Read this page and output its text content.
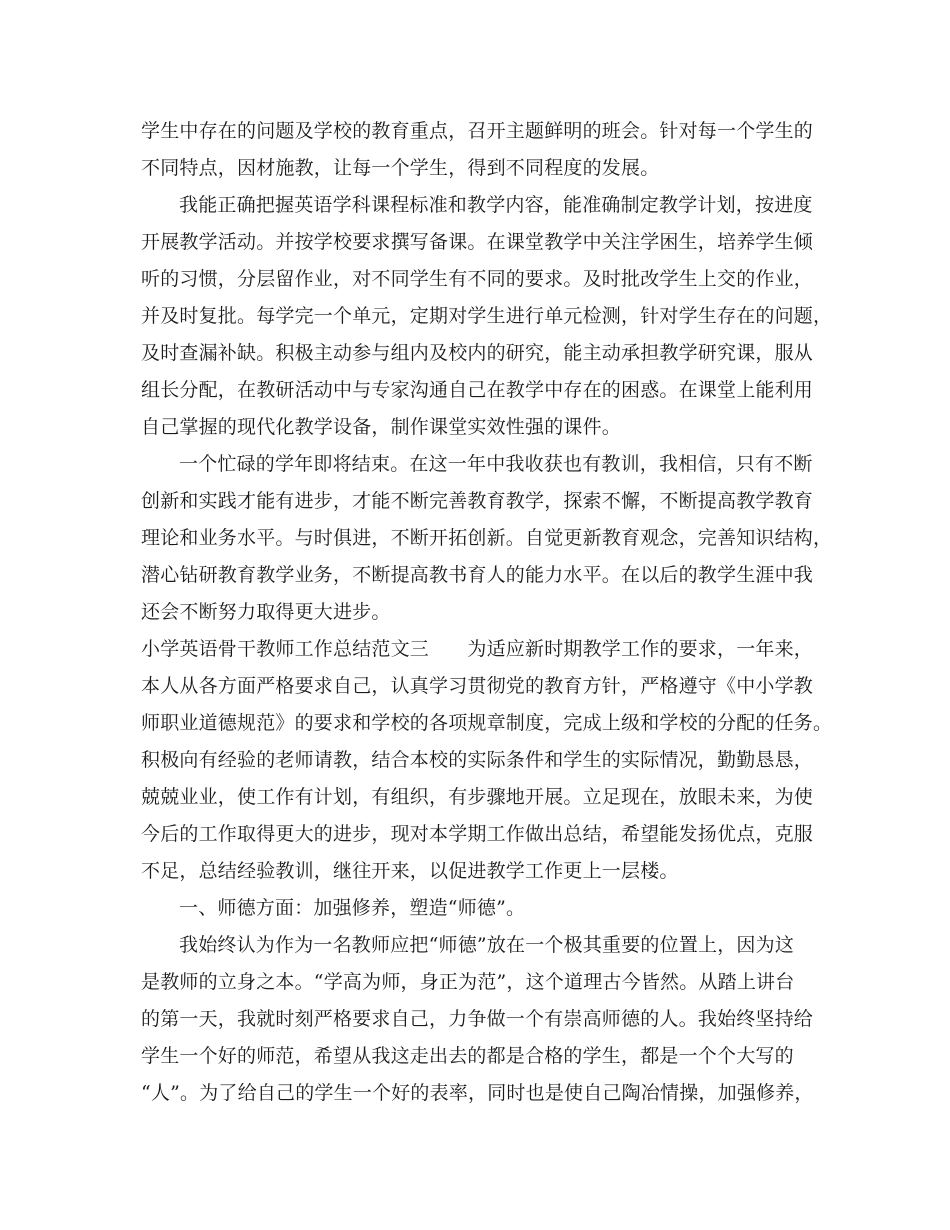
学生中存在的问题及学校的教育重点，召开主题鲜明的班会。针对每一个学生的
不同特点，因材施教，让每一个学生，得到不同程度的发展。
我能正确把握英语学科课程标准和教学内容，能准确制定教学计划，按进度
开展教学活动。并按学校要求撰写备课。在课堂教学中关注学困生，培养学生倾
听的习惯，分层留作业，对不同学生有不同的要求。及时批改学生上交的作业，
并及时复批。每学完一个单元，定期对学生进行单元检测，针对学生存在的问题，
及时查漏补缺。积极主动参与组内及校内的研究，能主动承担教学研究课，服从
组长分配，在教研活动中与专家沟通自己在教学中存在的困惑。在课堂上能利用
自己掌握的现代化教学设备，制作课堂实效性强的课件。
一个忙碌的学年即将结束。在这一年中我收获也有教训，我相信，只有不断
创新和实践才能有进步，才能不断完善教育教学，探索不懈，不断提高教学教育
理论和业务水平。与时俱进，不断开拓创新。自觉更新教育观念，完善知识结构，
潜心钻研教育教学业务，不断提高教书育人的能力水平。在以后的教学生涯中我
还会不断努力取得更大进步。
小学英语骨干教师工作总结范文三　　为适应新时期教学工作的要求，一年来，
本人从各方面严格要求自己，认真学习贯彻党的教育方针，严格遵守《中小学教
师职业道德规范》的要求和学校的各项规章制度，完成上级和学校的分配的任务。
积极向有经验的老师请教，结合本校的实际条件和学生的实际情况，勤勤恳恳，
兢兢业业，使工作有计划，有组织，有步骤地开展。立足现在，放眼未来，为使
今后的工作取得更大的进步，现对本学期工作做出总结，希望能发扬优点，克服
不足，总结经验教训，继往开来，以促进教学工作更上一层楼。
一、师德方面：加强修养，塑造“师德”。
我始终认为作为一名教师应把“师德”放在一个极其重要的位置上，因为这
是教师的立身之本。“学高为师，身正为范”，这个道理古今皆然。从踏上讲台
的第一天，我就时刻严格要求自己，力争做一个有崇高师德的人。我始终坚持给
学生一个好的师范，希望从我这走出去的都是合格的学生，都是一个个大写的
“人”。为了给自己的学生一个好的表率，同时也是使自己陶冶情操，加强修养，
